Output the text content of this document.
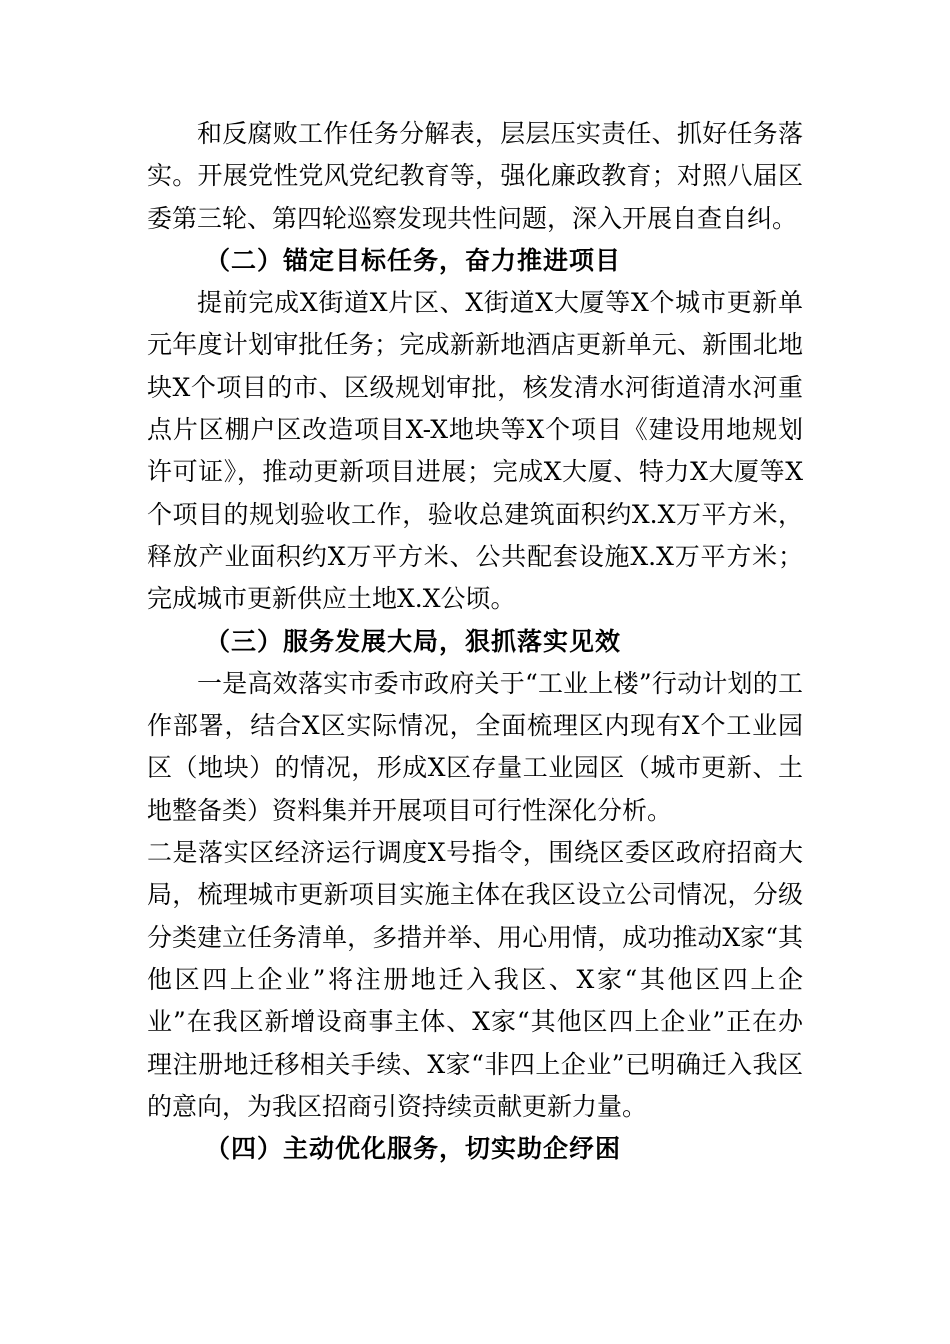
和反腐败工作任务分解表，层层压实责任、抓好任务落实。开展党性党风党纪教育等，强化廉政教育；对照八届区委第三轮、第四轮巡察发现共性问题，深入开展自查自纠。

（二）锚定目标任务，奋力推进项目

提前完成X街道X片区、X街道X大厦等X个城市更新单元年度计划审批任务；完成新新地酒店更新单元、新围北地块X个项目的市、区级规划审批，核发清水河街道清水河重点片区棚户区改造项目X-X地块等X个项目《建设用地规划许可证》，推动更新项目进展；完成X大厦、特力X大厦等X个项目的规划验收工作，验收总建筑面积约X.X万平方米，释放产业面积约X万平方米、公共配套设施X.X万平方米；完成城市更新供应土地X.X公顷。

（三）服务发展大局，狠抓落实见效

一是高效落实市委市政府关于“工业上楼”行动计划的工作部署，结合X区实际情况，全面梳理区内现有X个工业园区（地块）的情况，形成X区存量工业园区（城市更新、土地整备类）资料集并开展项目可行性深化分析。

二是落实区经济运行调度X号指令，围绕区委区政府招商大局，梳理城市更新项目实施主体在我区设立公司情况，分级分类建立任务清单，多措并举、用心用情，成功推动X家“其他区四上企业”将注册地迁入我区、X家“其他区四上企业”在我区新增设商事主体、X家“其他区四上企业”正在办理注册地迁移相关手续、X家“非四上企业”已明确迁入我区的意向，为我区招商引资持续贡献更新力量。

（四）主动优化服务，切实助企纾困
